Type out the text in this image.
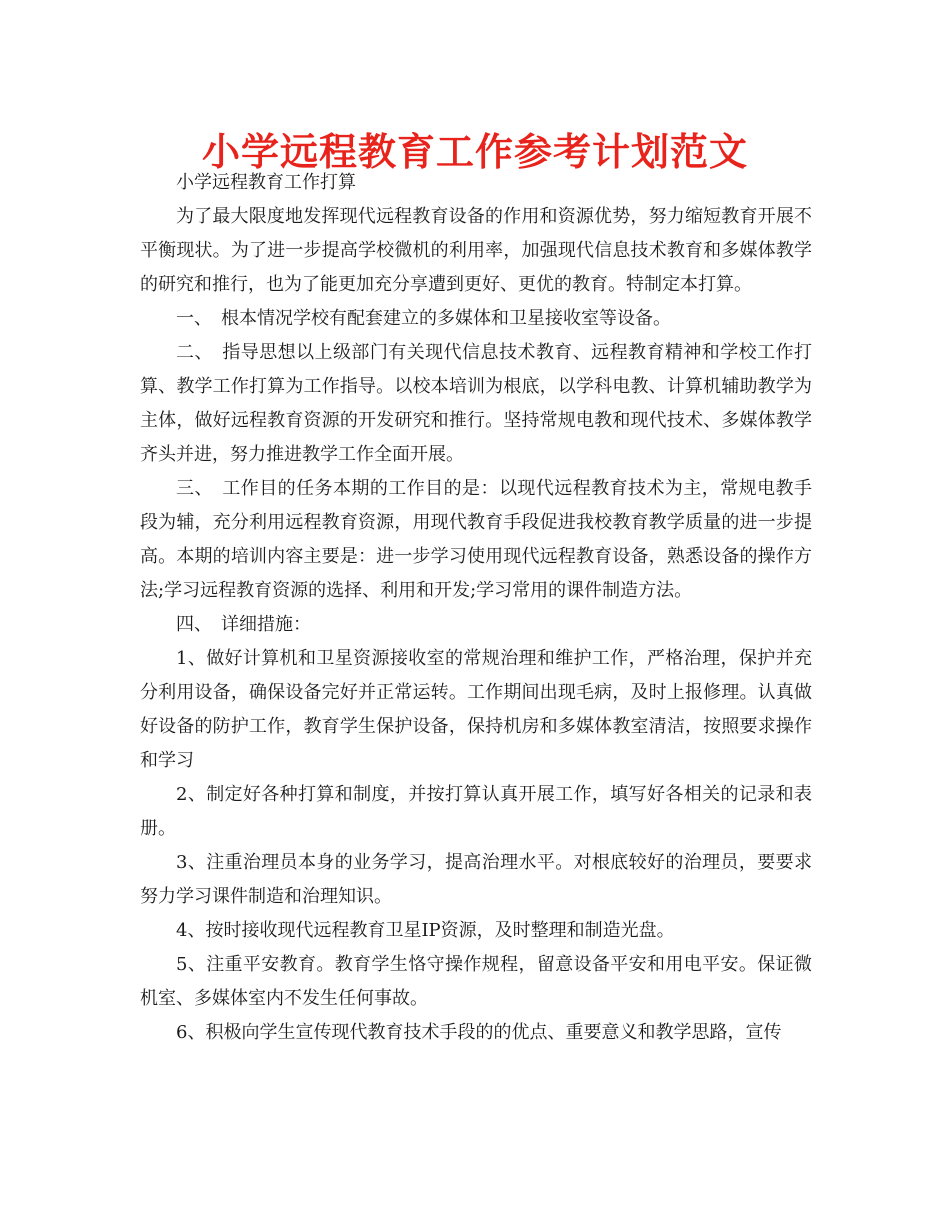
小学远程教育工作参考计划范文

小学远程教育工作打算

为了最大限度地发挥现代远程教育设备的作用和资源优势，努力缩短教育开展不平衡现状。为了进一步提高学校微机的利用率，加强现代信息技术教育和多媒体教学的研究和推行，也为了能更加充分享遭到更好、更优的教育。特制定本打算。

一、　根本情况学校有配套建立的多媒体和卫星接收室等设备。

二、　指导思想以上级部门有关现代信息技术教育、远程教育精神和学校工作打算、教学工作打算为工作指导。以校本培训为根底，以学科电教、计算机辅助教学为主体，做好远程教育资源的开发研究和推行。坚持常规电教和现代技术、多媒体教学齐头并进，努力推进教学工作全面开展。

三、　工作目的任务本期的工作目的是：以现代远程教育技术为主，常规电教手段为辅，充分利用远程教育资源，用现代教育手段促进我校教育教学质量的进一步提高。本期的培训内容主要是：进一步学习使用现代远程教育设备，熟悉设备的操作方法;学习远程教育资源的选择、利用和开发;学习常用的课件制造方法。

四、　详细措施：

1、做好计算机和卫星资源接收室的常规治理和维护工作，严格治理，保护并充分利用设备，确保设备完好并正常运转。工作期间出现毛病，及时上报修理。认真做好设备的防护工作，教育学生保护设备，保持机房和多媒体教室清洁，按照要求操作和学习

2、制定好各种打算和制度，并按打算认真开展工作，填写好各相关的记录和表册。

3、注重治理员本身的业务学习，提高治理水平。对根底较好的治理员，要要求努力学习课件制造和治理知识。

4、按时接收现代远程教育卫星IP资源，及时整理和制造光盘。

5、注重平安教育。教育学生恪守操作规程，留意设备平安和用电平安。保证微机室、多媒体室内不发生任何事故。

6、积极向学生宣传现代教育技术手段的的优点、重要意义和教学思路，宣传
